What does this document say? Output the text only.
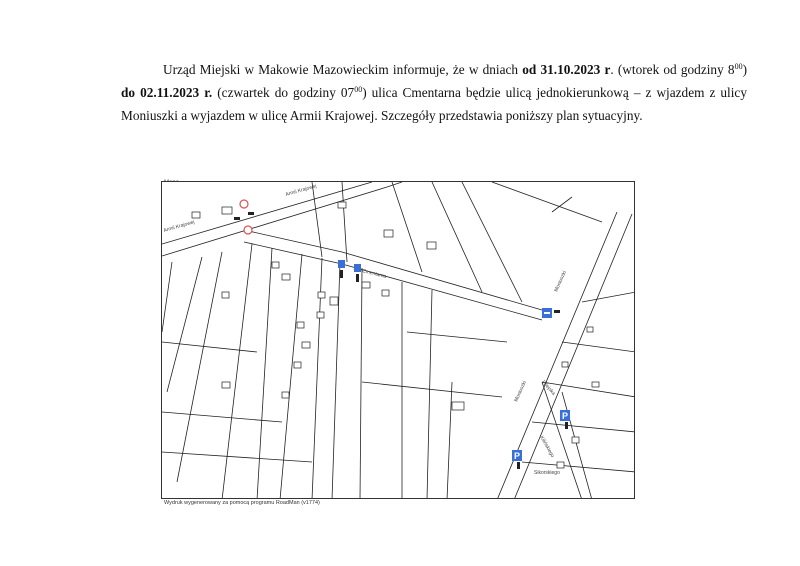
Urząd Miejski w Makowie Mazowieckim informuje, że w dniach od 31.10.2023 r. (wtorek od godziny $8^{00}$) do 02.11.2023 r. (czwartek do godziny $07^{00}$) ulica Cmentarna będzie ulicą jednokierunkową – z wjazdem z ulicy Moniuszki a wyjazdem w ulicę Armii Krajowej. Szczegóły przedstawia poniższy plan sytuacyjny.

Armii Krajowej
Armii Krajowej
Cmentarna	Moniuszki
Moniuszki	Wiejska
Kilińskiego
Sikorskiego
P
P
Wydruk wygenerowany za pomocą programu RoadMan (v1774)
